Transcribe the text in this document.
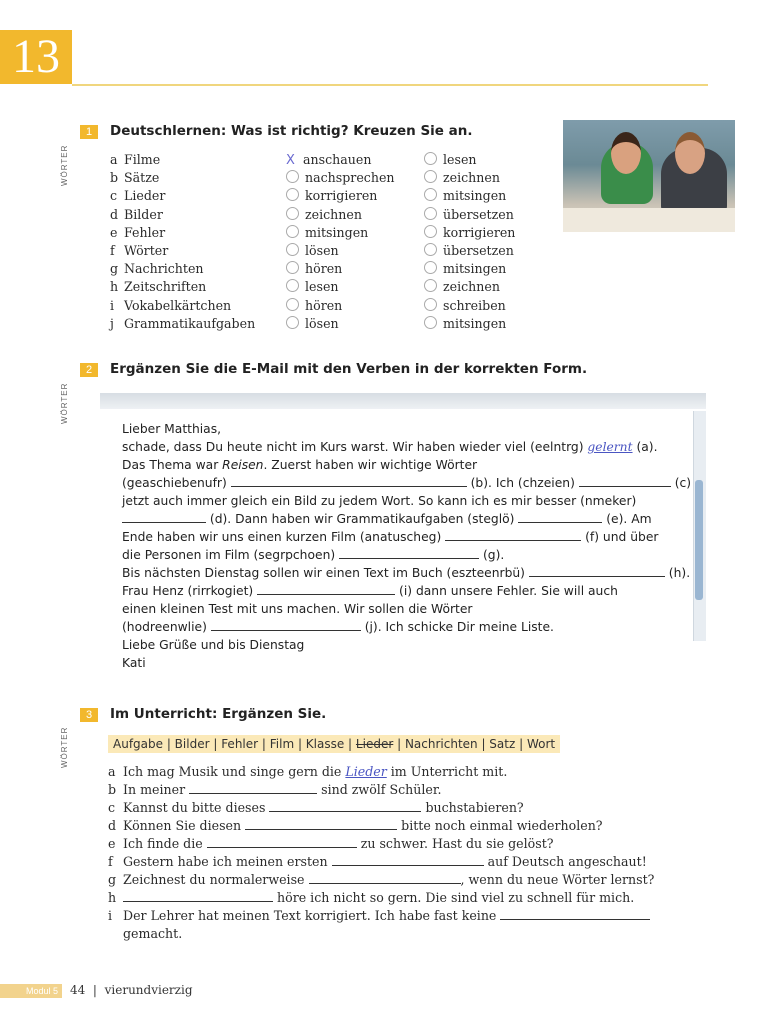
13
WÖRTER
1	Deutschlernen: Was ist richtig? Kreuzen Sie an.
a Filme	X anschauen	lesen
b Sätze	nachsprechen	zeichnen
c Lieder	korrigieren	mitsingen
d Bilder	zeichnen	übersetzen
e Fehler	mitsingen	korrigieren
f Wörter	lösen	übersetzen
g Nachrichten	hören	mitsingen
h Zeitschriften	lesen	zeichnen
i Vokabelkärtchen	hören	schreiben
j Grammatikaufgaben	lösen	mitsingen
WÖRTER
2	Ergänzen Sie die E-Mail mit den Verben in der korrekten Form.
Lieber Matthias,
schade, dass Du heute nicht im Kurs warst. Wir haben wieder viel (eelntrg) gelernt (a).
Das Thema war Reisen. Zuerst haben wir wichtige Wörter
(geaschiebenufr)	(b). Ich (chzeien)	(c)
jetzt auch immer gleich ein Bild zu jedem Wort. So kann ich es mir besser (nmeker)
(d). Dann haben wir Grammatikaufgaben (steglö)	(e). Am
Ende haben wir uns einen kurzen Film (anatuscheg)	(f) und über
die Personen im Film (segrpchoen)	(g).
Bis nächsten Dienstag sollen wir einen Text im Buch (eszteenrbü)	(h).
Frau Henz (rirrkogiet)	(i) dann unsere Fehler. Sie will auch
einen kleinen Test mit uns machen. Wir sollen die Wörter
(hodreenwlie)	(j). Ich schicke Dir meine Liste.
Liebe Grüße und bis Dienstag
Kati
WÖRTER
3	Im Unterricht: Ergänzen Sie.
Aufgabe | Bilder | Fehler | Film | Klasse | Lieder | Nachrichten | Satz | Wort
a Ich mag Musik und singe gern die Lieder im Unterricht mit.
b In meiner	sind zwölf Schüler.
c Kannst du bitte dieses	buchstabieren?
d Können Sie diesen	bitte noch einmal wiederholen?
e Ich finde die	zu schwer. Hast du sie gelöst?
f Gestern habe ich meinen ersten	auf Deutsch angeschaut!
g Zeichnest du normalerweise	, wenn du neue Wörter lernst?
h	höre ich nicht so gern. Die sind viel zu schnell für mich.
i Der Lehrer hat meinen Text korrigiert. Ich habe fast keine
gemacht.
Modul 5	44 | vierundvierzig
